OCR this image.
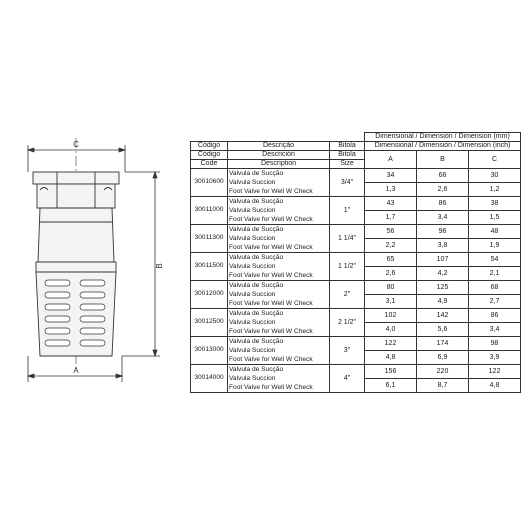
C
B
A
			Dimensional / Dimensión / Dimension (mm)		
Código	Descrição	Bitola	Dimensional / Dimensión / Dimension (inch)		
Código	Descrición	Bitola	A	B	C
Code	Description	Size			
30010600	Valvula de Sucção
Valvula Succion
Foot Valve for Well W Check	3/4"	34	66	30
			1,3	2,6	1,2
30011000	Valvula de Sucção
Valvula Succion
Foot Valve for Well W Check	1"	43	86	38
			1,7	3,4	1,5
30011300	Valvula de Sucção
Valvula Succion
Foot Valve for Well W Check	1 1/4"	56	96	48
			2,2	3,8	1,9
30011500	Valvula de Sucção
Valvula Succion
Foot Valve for Well W Check	1 1/2"	65	107	54
			2,6	4,2	2,1
30012000	Valvula de Sucção
Valvula Succion
Foot Valve for Well W Check	2"	80	125	68
			3,1	4,9	2,7
30012500	Valvula de Sucção
Valvula Succion
Foot Valve for Well W Check	2 1/2"	102	142	86
			4,0	5,6	3,4
30013000	Valvula de Sucção
Valvula Succion
Foot Valve for Well W Check	3"	122	174	98
			4,8	6,9	3,9
30014000	Valvula de Sucção
Valvula Succion
Foot Valve for Well W Check	4"	156	220	122
			6,1	8,7	4,8
